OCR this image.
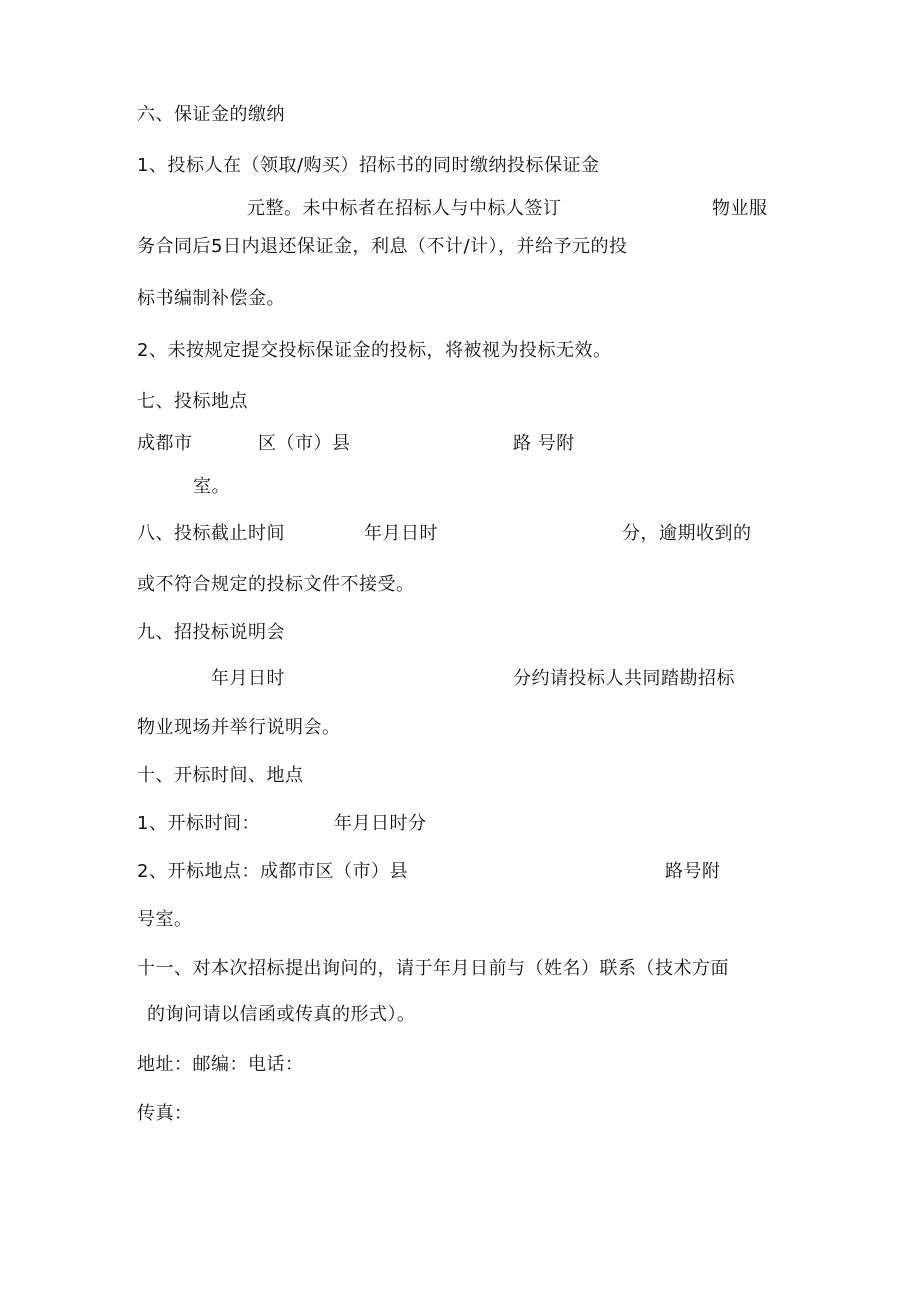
六、保证金的缴纳
1、投标人在（领取/购买）招标书的同时缴纳投标保证金
元整。未中标者在招标人与中标人签订	物业服
务合同后5日内退还保证金，利息（不计/计），并给予元的投
标书编制补偿金。
2、未按规定提交投标保证金的投标，将被视为投标无效。
七、投标地点
成都市	区（市）县	路 号附
室。
八、投标截止时间	年月日时	分，逾期收到的
或不符合规定的投标文件不接受。
九、招投标说明会
年月日时	分约请投标人共同踏勘招标
物业现场并举行说明会。
十、开标时间、地点
1、开标时间：	年月日时分
2、开标地点：成都市区（市）县	路号附
号室。
十一、对本次招标提出询问的，请于年月日前与（姓名）联系（技术方面
的询问请以信函或传真的形式）。
地址：邮编：电话：
传真：
